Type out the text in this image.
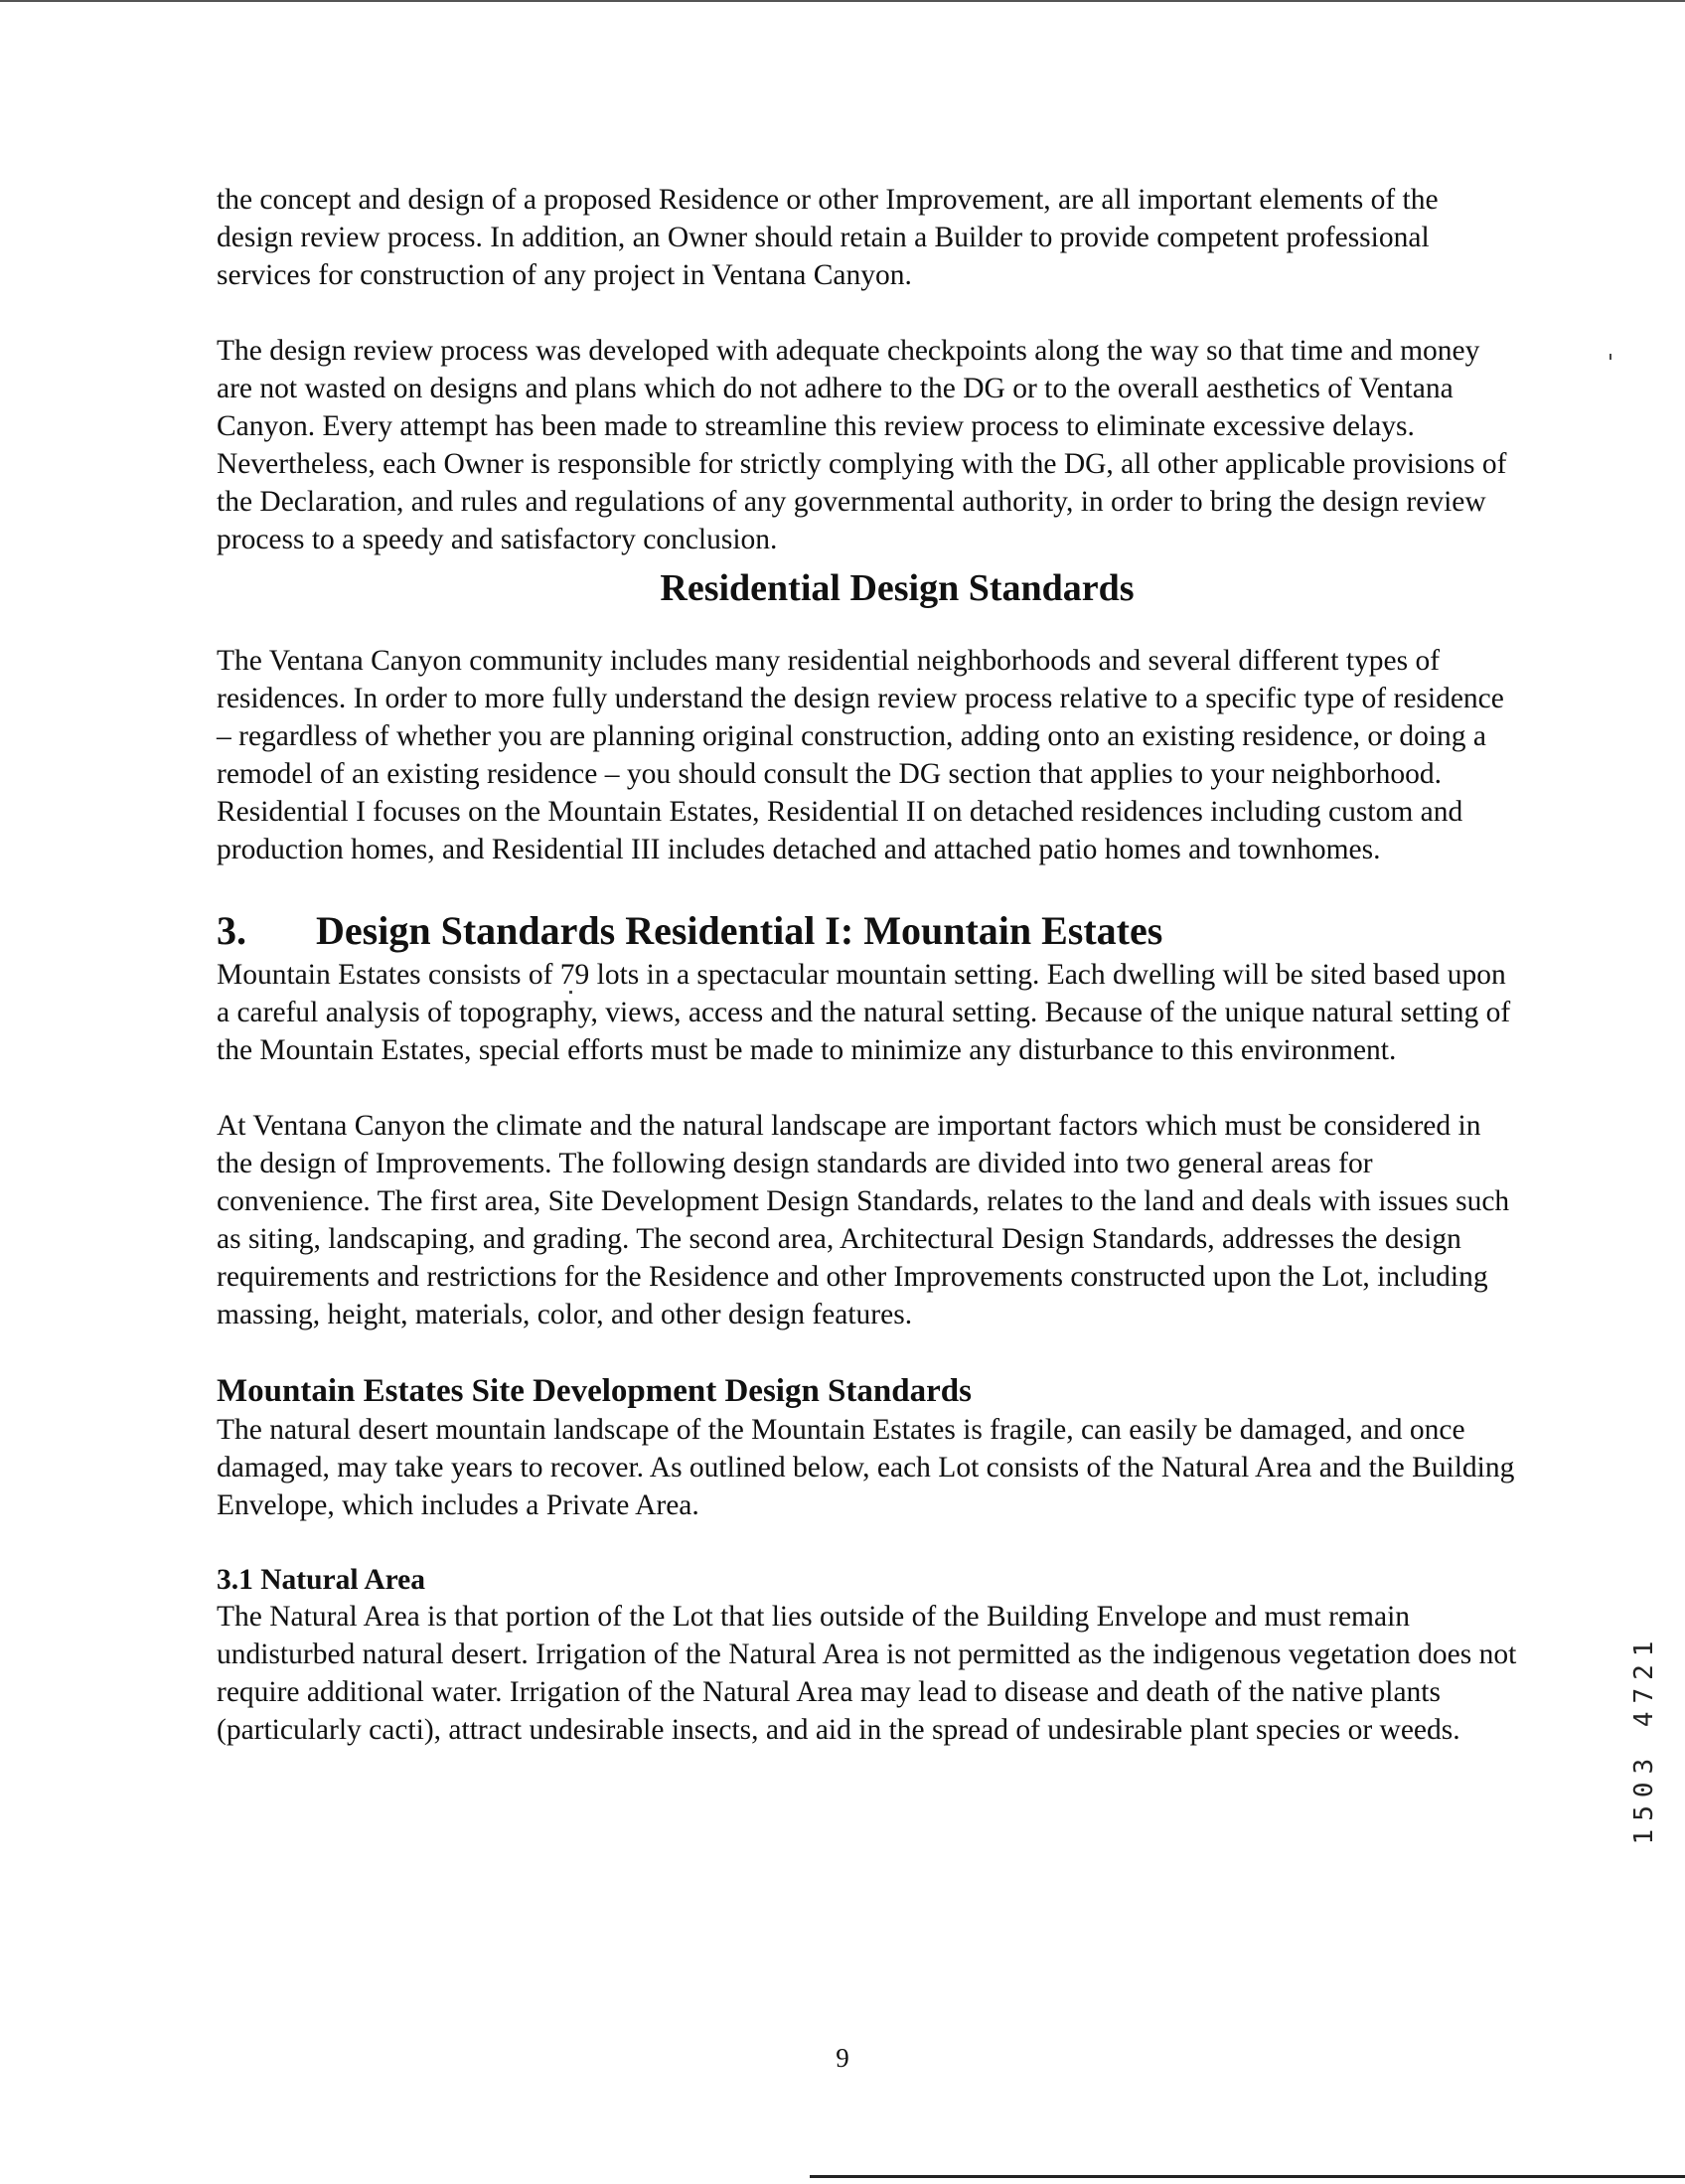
the concept and design of a proposed Residence or other Improvement, are all important elements of the design review process. In addition, an Owner should retain a Builder to provide competent professional services for construction of any project in Ventana Canyon.

The design review process was developed with adequate checkpoints along the way so that time and money are not wasted on designs and plans which do not adhere to the DG or to the overall aesthetics of Ventana Canyon. Every attempt has been made to streamline this review process to eliminate excessive delays. Nevertheless, each Owner is responsible for strictly complying with the DG, all other applicable provisions of the Declaration, and rules and regulations of any governmental authority, in order to bring the design review process to a speedy and satisfactory conclusion.

Residential Design Standards

The Ventana Canyon community includes many residential neighborhoods and several different types of residences. In order to more fully understand the design review process relative to a specific type of residence – regardless of whether you are planning original construction, adding onto an existing residence, or doing a remodel of an existing residence – you should consult the DG section that applies to your neighborhood. Residential I focuses on the Mountain Estates, Residential II on detached residences including custom and production homes, and Residential III includes detached and attached patio homes and townhomes.

3.	Design Standards Residential I: Mountain Estates

Mountain Estates consists of 79 lots in a spectacular mountain setting. Each dwelling will be sited based upon a careful analysis of topography, views, access and the natural setting. Because of the unique natural setting of the Mountain Estates, special efforts must be made to minimize any disturbance to this environment.

At Ventana Canyon the climate and the natural landscape are important factors which must be considered in the design of Improvements. The following design standards are divided into two general areas for convenience. The first area, Site Development Design Standards, relates to the land and deals with issues such as siting, landscaping, and grading. The second area, Architectural Design Standards, addresses the design requirements and restrictions for the Residence and other Improvements constructed upon the Lot, including massing, height, materials, color, and other design features.

Mountain Estates Site Development Design Standards

The natural desert mountain landscape of the Mountain Estates is fragile, can easily be damaged, and once damaged, may take years to recover. As outlined below, each Lot consists of the Natural Area and the Building Envelope, which includes a Private Area.

3.1 Natural Area

The Natural Area is that portion of the Lot that lies outside of the Building Envelope and must remain undisturbed natural desert. Irrigation of the Natural Area is not permitted as the indigenous vegetation does not require additional water. Irrigation of the Natural Area may lead to disease and death of the native plants (particularly cacti), attract undesirable insects, and aid in the spread of undesirable plant species or weeds.

9
1503 4721
